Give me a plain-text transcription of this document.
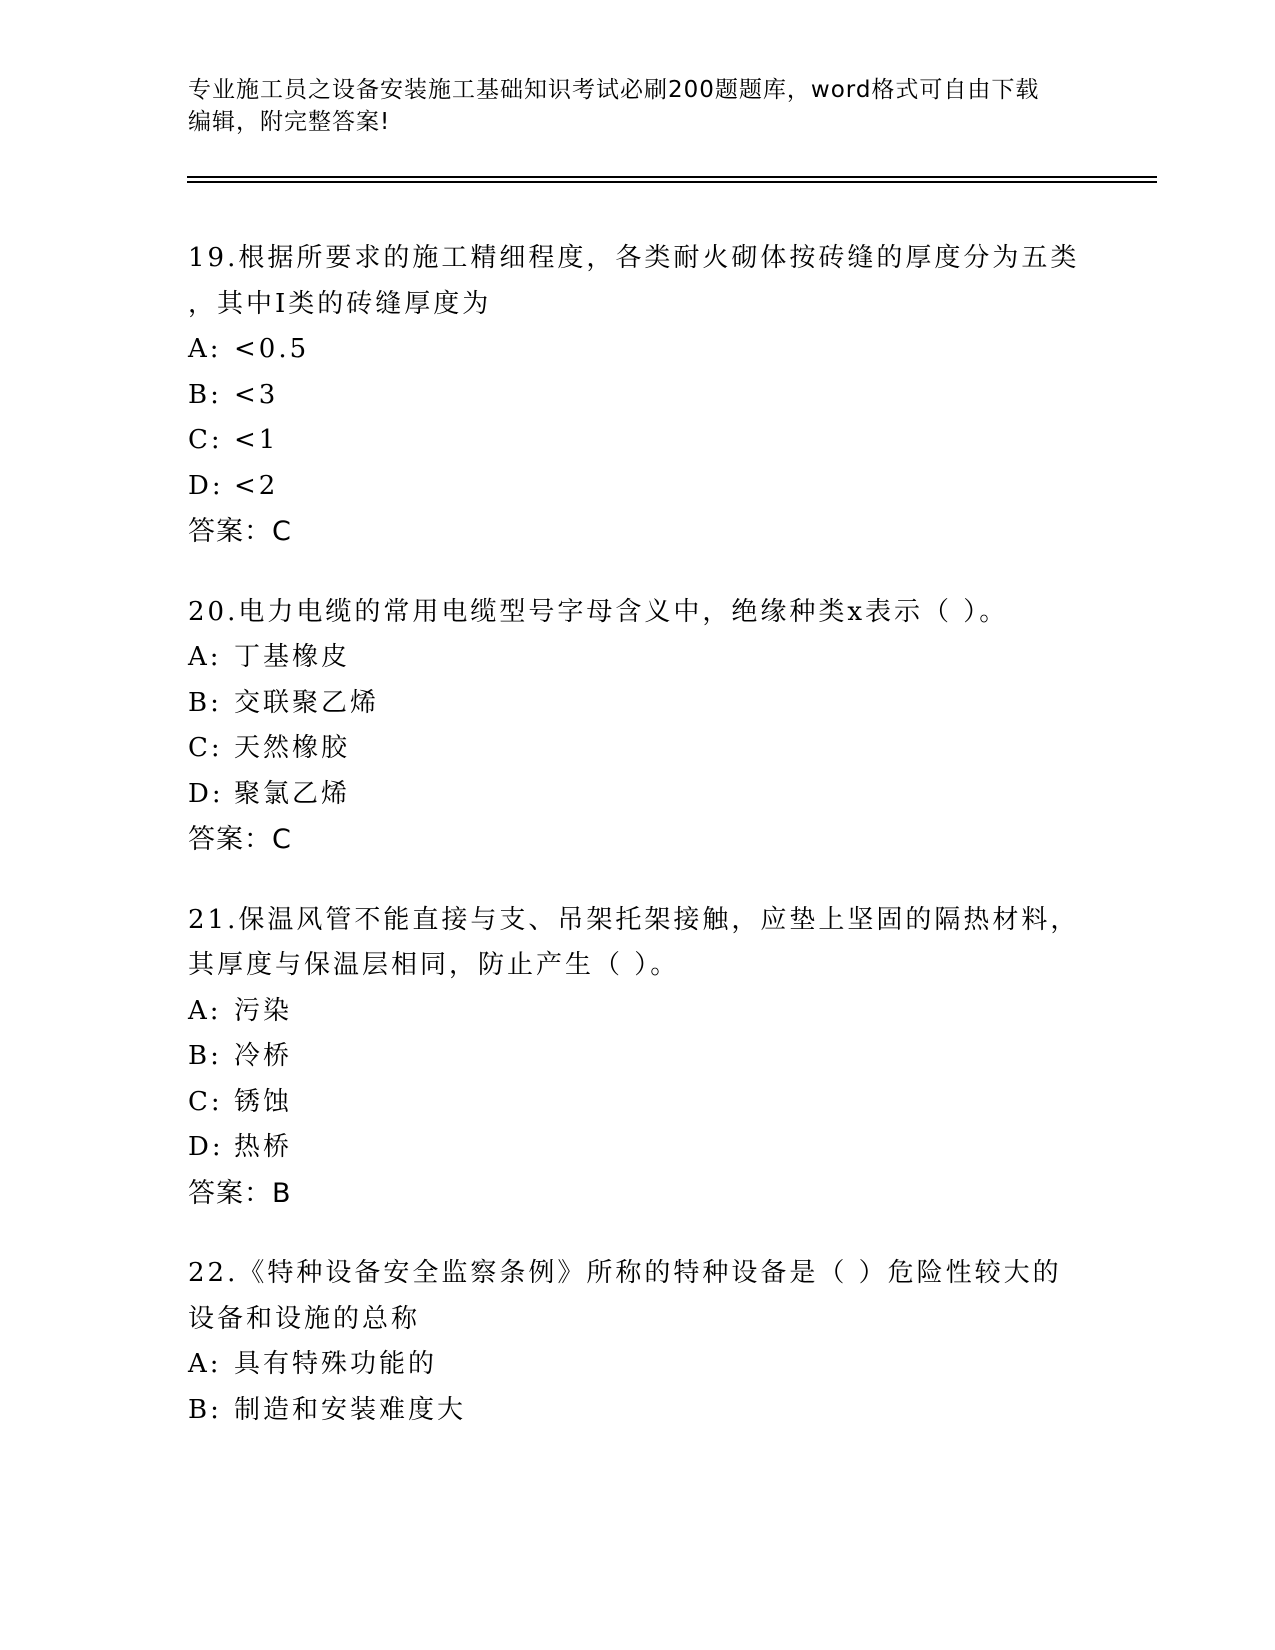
专业施工员之设备安装施工基础知识考试必刷200题题库，word格式可自由下载
编辑，附完整答案!
19.根据所要求的施工精细程度，各类耐火砌体按砖缝的厚度分为五类
，其中Ⅰ类的砖缝厚度为
A: <0.5
B: <3
C: <1
D: <2
答案：C
20.电力电缆的常用电缆型号字母含义中，绝缘种类x表示（ ）。
A: 丁基橡皮
B: 交联聚乙烯
C: 天然橡胶
D: 聚氯乙烯
答案：C
21.保温风管不能直接与支、吊架托架接触，应垫上坚固的隔热材料，
其厚度与保温层相同，防止产生（ ）。
A: 污染
B: 冷桥
C: 锈蚀
D: 热桥
答案：B
22.《特种设备安全监察条例》所称的特种设备是（ ）危险性较大的
设备和设施的总称
A: 具有特殊功能的
B: 制造和安装难度大
